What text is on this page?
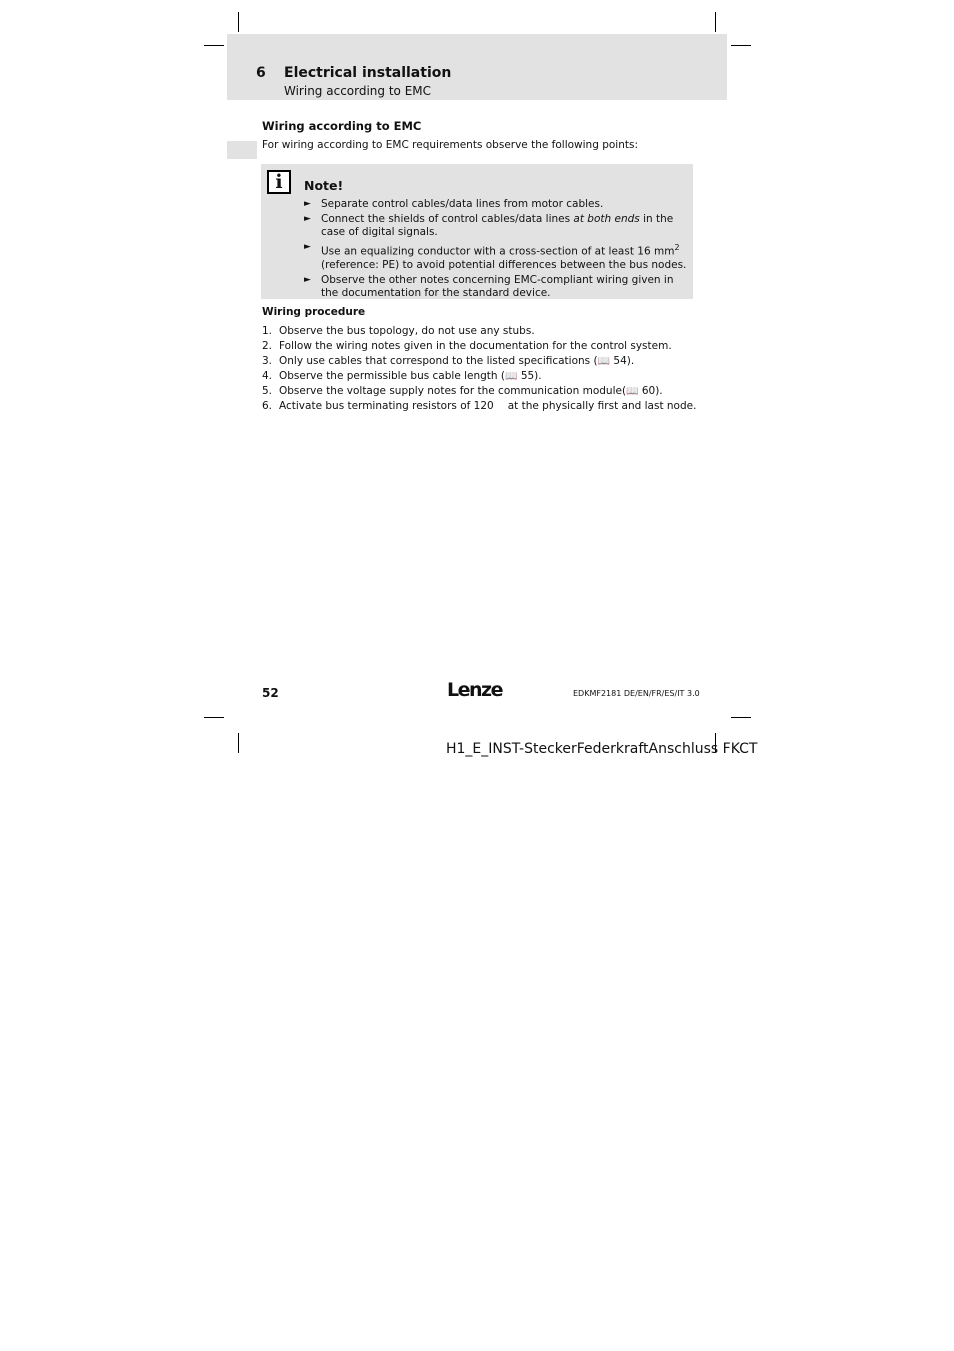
6 Electrical installation
Wiring according to EMC
Wiring according to EMC
For wiring according to EMC requirements observe the following points:
i	Note!
► Separate control cables/data lines from motor cables.
► Connect the shields of control cables/data lines at both ends in the case of digital signals.
► Use an equalizing conductor with a cross-section of at least 16 $mm^2$ (reference: PE) to avoid potential differences between the bus nodes.
► Observe the other notes concerning EMC-compliant wiring given in the documentation for the standard device.
Wiring procedure
1. Observe the bus topology, do not use any stubs.
2. Follow the wiring notes given in the documentation for the control system.
3. Only use cables that correspond to the listed specifications (📖 54).
4. Observe the permissible bus cable length (📖 55).
5. Observe the voltage supply notes for the communication module(📖 60).
6. Activate bus terminating resistors of 120 at the physically first and last node.
52	Lenze	EDKMF2181 DE/EN/FR/ES/IT 3.0
H1_E_INST-SteckerFederkraftAnschluss FKCT
